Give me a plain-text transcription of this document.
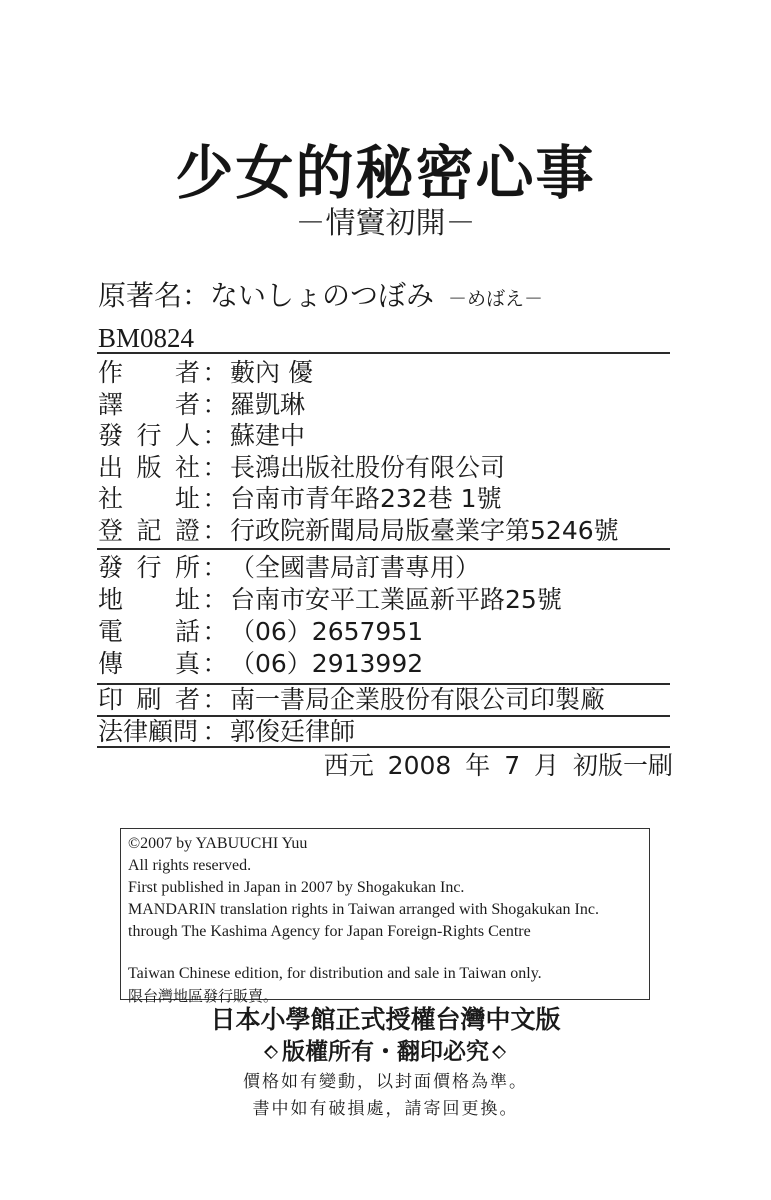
少女的秘密心事
－情竇初開－
原著名：ないしょのつぼみ －めばえ－
BM0824
作 者 ： 藪內 優
譯 者 ： 羅凱琳
發 行 人 ： 蘇建中
出 版 社 ： 長鴻出版社股份有限公司
社 址 ： 台南市青年路232巷 1號
登 記 證 ： 行政院新聞局局版臺業字第5246號
發 行 所 ： （全國書局訂書專用）
地 址 ： 台南市安平工業區新平路25號
電 話 ： （06）2657951
傳 真 ： （06）2913992
印 刷 者 ： 南一書局企業股份有限公司印製廠
法律顧問 ： 郭俊廷律師
西元 2008 年 7 月 初版一刷
©2007 by YABUUCHI Yuu
All rights reserved.
First published in Japan in 2007 by Shogakukan Inc.
MANDARIN translation rights in Taiwan arranged with Shogakukan Inc.
through The Kashima Agency for Japan Foreign-Rights Centre
Taiwan Chinese edition, for distribution and sale in Taiwan only.
限台灣地區發行販賣。
日本小學館正式授權台灣中文版
版權所有・翻印必究
價格如有變動，以封面價格為準。
書中如有破損處，請寄回更換。
